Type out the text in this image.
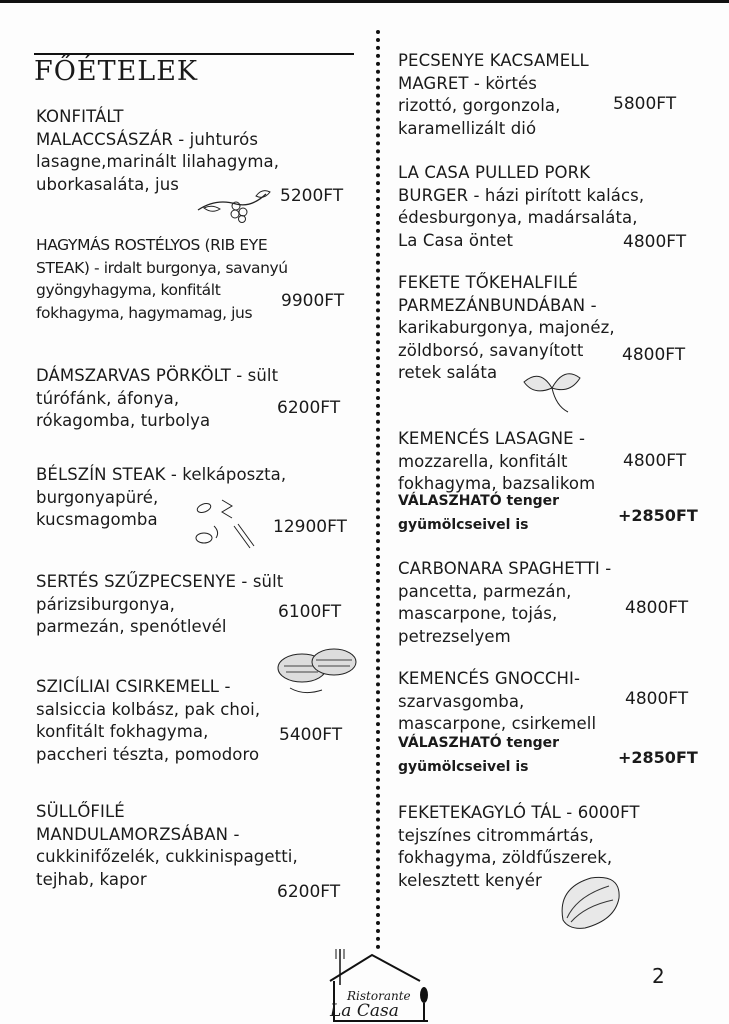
FŐÉTELEK
KONFITÁLT
MALACCSÁSZÁR - juhturós
lasagne,marinált lilahagyma,
uborkasaláta, jus
5200FT
HAGYMÁS ROSTÉLYOS (RIB EYE
STEAK) - irdalt burgonya, savanyú
gyöngyhagyma, konfitált
fokhagyma, hagymamag, jus
9900FT
DÁMSZARVAS PÖRKÖLT - sült
túrófánk, áfonya,
rókagomba, turbolya
6200FT
BÉLSZÍN STEAK - kelkáposzta,
burgonyapüré,
kucsmagomba	12900FT
SERTÉS SZŰZPECSENYE - sült
párizsiburgonya,
parmezán, spenótlevél
6100FT
SZICÍLIAI CSIRKEMELL -
salsiccia kolbász, pak choi,
konfitált fokhagyma,
paccheri tészta, pomodoro
5400FT
SÜLLŐFILÉ
MANDULAMORZSÁBAN -
cukkinifőzelék, cukkinispagetti,
tejhab, kapor
6200FT
PECSENYE KACSAMELL
MAGRET - körtés
rizottó, gorgonzola,
karamellizált dió
5800FT
LA CASA PULLED PORK
BURGER - házi pirított kalács,
édesburgonya, madársaláta,
La Casa öntet	4800FT
FEKETE TŐKEHALFILÉ
PARMEZÁNBUNDÁBAN -
karikaburgonya, majonéz,
zöldborsó, savanyított
retek saláta
4800FT
KEMENCÉS LASAGNE -
mozzarella, konfitált
fokhagyma, bazsalikom
4800FT
VÁLASZHATÓ tenger
gyümölcseivel is	+2850FT
CARBONARA SPAGHETTI -
pancetta, parmezán,
mascarpone, tojás,
petrezselyem
4800FT
KEMENCÉS GNOCCHI-
szarvasgomba,
mascarpone, csirkemell
4800FT
VÁLASZHATÓ tenger
gyümölcseivel is	+2850FT
FEKETEKAGYLÓ TÁL - 6000FT
tejszínes citrommártás,
fokhagyma, zöldfűszerek,
kelesztett kenyér
Ristorante
La Casa
2
